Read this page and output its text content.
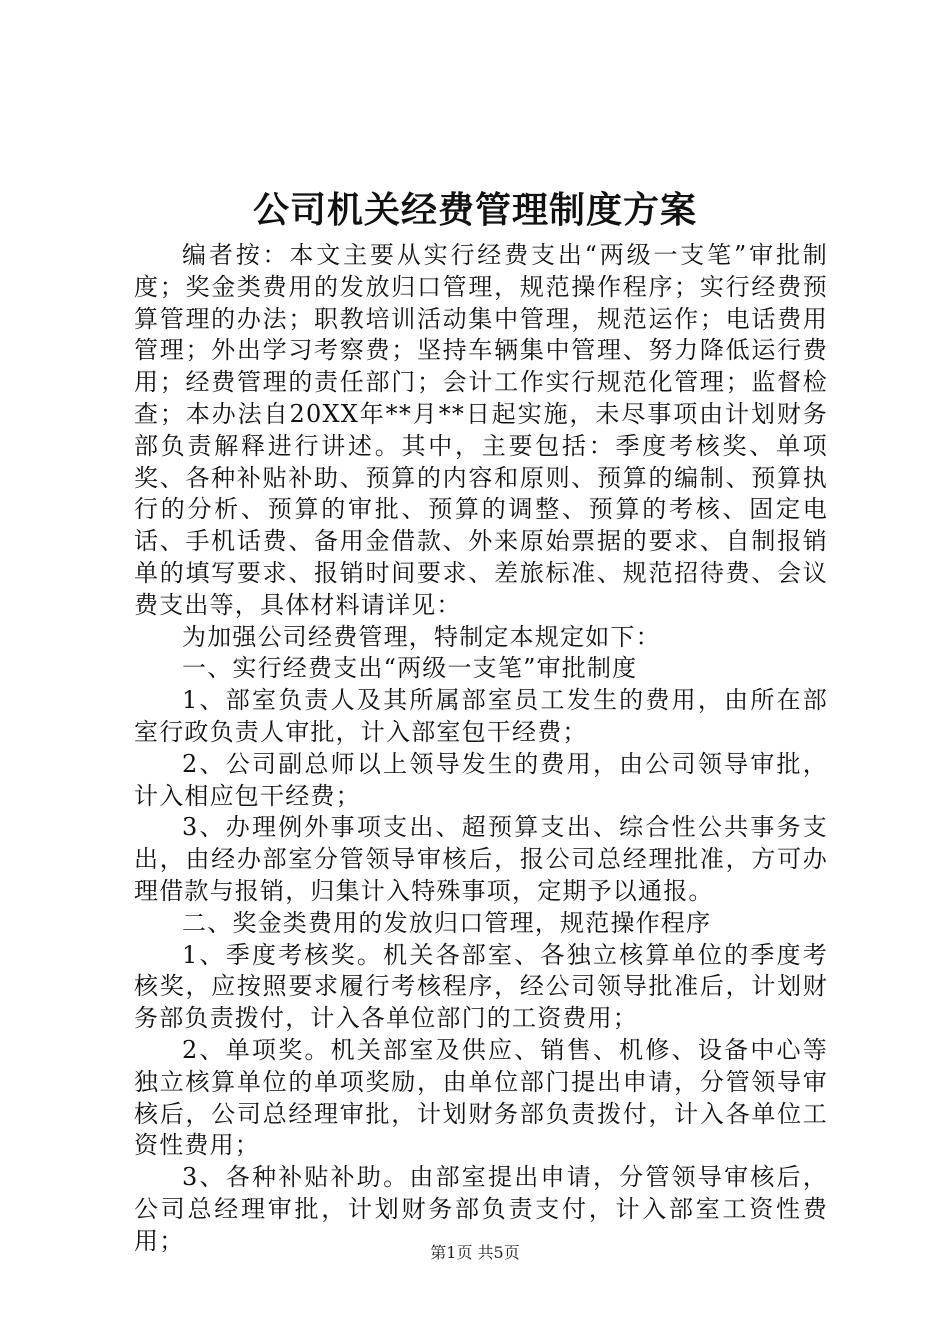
公司机关经费管理制度方案

编者按：本文主要从实行经费支出“两级一支笔”审批制度；奖金类费用的发放归口管理，规范操作程序；实行经费预算管理的办法；职教培训活动集中管理，规范运作；电话费用管理；外出学习考察费；坚持车辆集中管理、努力降低运行费用；经费管理的责任部门；会计工作实行规范化管理；监督检查；本办法自20XX年**月**日起实施，未尽事项由计划财务部负责解释进行讲述。其中，主要包括：季度考核奖、单项奖、各种补贴补助、预算的内容和原则、预算的编制、预算执行的分析、预算的审批、预算的调整、预算的考核、固定电话、手机话费、备用金借款、外来原始票据的要求、自制报销单的填写要求、报销时间要求、差旅标准、规范招待费、会议费支出等，具体材料请详见：

为加强公司经费管理，特制定本规定如下：

一、实行经费支出“两级一支笔”审批制度

1、部室负责人及其所属部室员工发生的费用，由所在部室行政负责人审批，计入部室包干经费；

2、公司副总师以上领导发生的费用，由公司领导审批，计入相应包干经费；

3、办理例外事项支出、超预算支出、综合性公共事务支出，由经办部室分管领导审核后，报公司总经理批准，方可办理借款与报销，归集计入特殊事项，定期予以通报。

二、奖金类费用的发放归口管理，规范操作程序

1、季度考核奖。机关各部室、各独立核算单位的季度考核奖，应按照要求履行考核程序，经公司领导批准后，计划财务部负责拨付，计入各单位部门的工资费用；

2、单项奖。机关部室及供应、销售、机修、设备中心等独立核算单位的单项奖励，由单位部门提出申请，分管领导审核后，公司总经理审批，计划财务部负责拨付，计入各单位工资性费用；

3、各种补贴补助。由部室提出申请，分管领导审核后，公司总经理审批，计划财务部负责支付，计入部室工资性费用；	第1页 共5页
